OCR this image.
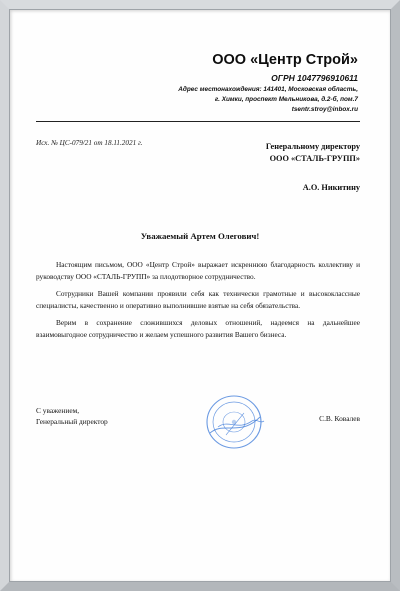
ООО «Центр Строй»
ОГРН 1047796910611
Адрес местонахождения: 141401, Московская область,
г. Химки, проспект Мельникова, д.2-б, пом.7
tsentr.stroy@inbox.ru
Исх. № ЦС-079/21 от 18.11.2021 г.	Генеральному директору
ООО «СТАЛЬ-ГРУПП»
А.О. Никитину
Уважаемый Артем Олегович!

Настоящим письмом, ООО «Центр Строй» выражает искреннюю благодарность коллективу и руководству ООО «СТАЛЬ-ГРУПП» за плодотворное сотрудничество.

Сотрудники Вашей компании проявили себя как технически грамотные и высококлассные специалисты, качественно и оперативно выполнившие взятые на себя обязательства.

Верим в сохранение сложившихся деловых отношений, надеемся на дальнейшее взаимовыгодное сотрудничество и желаем успешного развития Вашего бизнеса.

С уважением,
Генеральный директор	С.В. Ковалев
